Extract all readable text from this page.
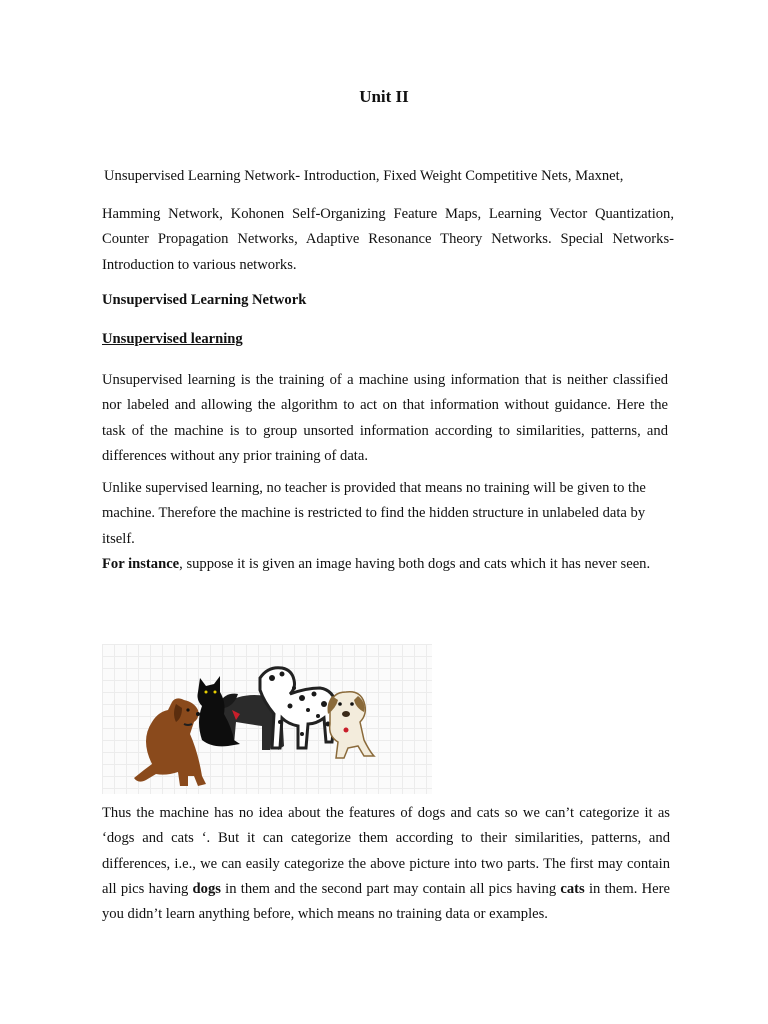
Unit II

Unsupervised Learning Network- Introduction, Fixed Weight Competitive Nets, Maxnet,

Hamming Network, Kohonen Self-Organizing Feature Maps, Learning Vector Quantization, Counter Propagation Networks, Adaptive Resonance Theory Networks. Special Networks-Introduction to various networks.

Unsupervised Learning Network
Unsupervised learning

Unsupervised learning is the training of a machine using information that is neither classified nor labeled and allowing the algorithm to act on that information without guidance. Here the task of the machine is to group unsorted information according to similarities, patterns, and differences without any prior training of data.

Unlike supervised learning, no teacher is provided that means no training will be given to the machine. Therefore the machine is restricted to find the hidden structure in unlabeled data by itself.

For instance, suppose it is given an image having both dogs and cats which it has never seen.

Thus the machine has no idea about the features of dogs and cats so we can’t categorize it as ‘dogs and cats ‘. But it can categorize them according to their similarities, patterns, and differences, i.e., we can easily categorize the above picture into two parts. The first may contain all pics having dogs in them and the second part may contain all pics having cats in them. Here you didn’t learn anything before, which means no training data or examples.
